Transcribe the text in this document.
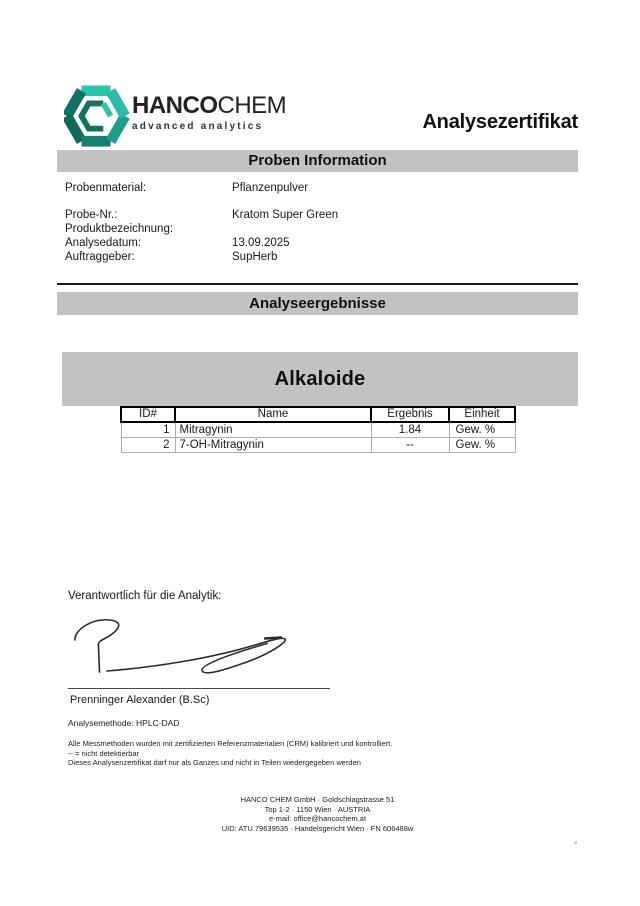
HANCOCHEM
advanced analytics	Analysezertifikat
Proben Information
Probenmaterial:	Pflanzenpulver
Probe-Nr.:	Kratom Super Green
Produktbezeichnung:
Analysedatum:	13.09.2025
Auftraggeber:	SupHerb
Analyseergebnisse
Alkaloide
ID#	Name	Ergebnis	Einheit
1	Mitragynin	1.84	Gew. %
2	7-OH-Mitragynin	--	Gew. %
Verantwortlich für die Analytik:
Prenninger Alexander (B.Sc)
Analysemethode: HPLC-DAD
Alle Messmethoden wurden mit zertifizierten Referenzmaterialien (CRM) kalibriert und kontrolliert.
-- = nicht detektierbar
Dieses Analysenzertifikat darf nur als Ganzes und nicht in Teilen wiedergegeben werden
HANCO CHEM GmbH · Goldschlagstrasse 51
Top 1-2 · 1150 Wien · AUSTRIA
e-mail: office@hancochem.at
UID: ATU 79639535 · Handelsgericht Wien · FN 606488w
